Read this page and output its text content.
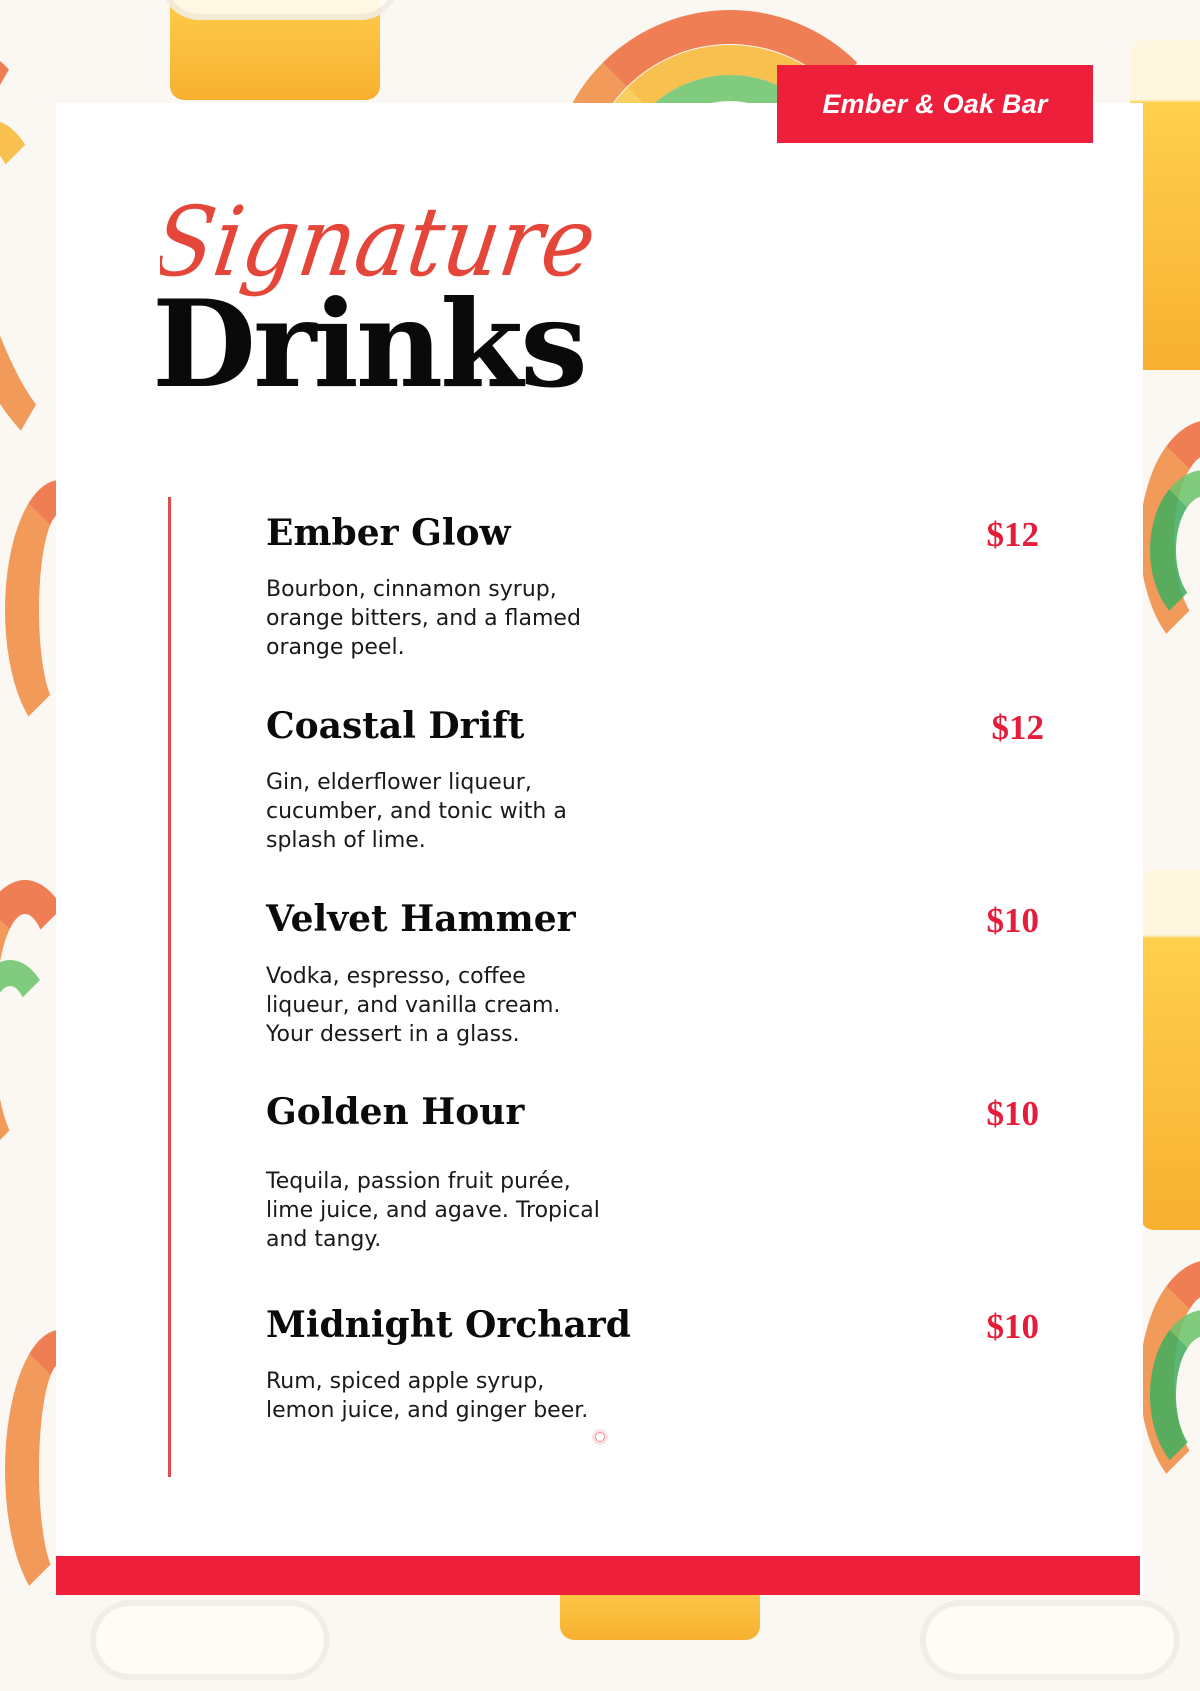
Ember & Oak Bar
Signature
Drinks
Ember Glow	$12
Bourbon, cinnamon syrup, orange bitters, and a flamed orange peel.
Coastal Drift	$12
Gin, elderflower liqueur, cucumber, and tonic with a splash of lime.
Velvet Hammer	$10
Vodka, espresso, coffee liqueur, and vanilla cream. Your dessert in a glass.
Golden Hour	$10
Tequila, passion fruit purée, lime juice, and agave. Tropical and tangy.
Midnight Orchard	$10
Rum, spiced apple syrup, lemon juice, and ginger beer.
